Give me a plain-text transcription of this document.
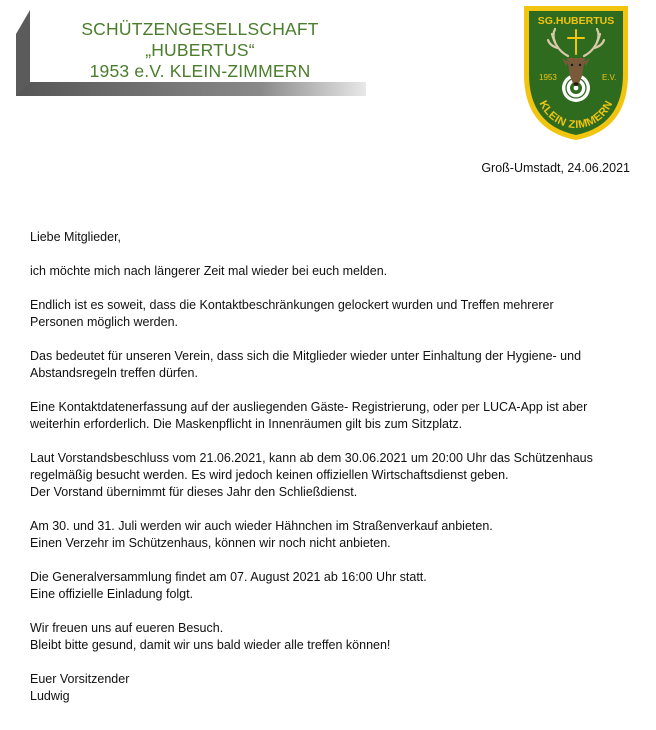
SCHÜTZENGESELLSCHAFT
„HUBERTUS“
1953 e.V. KLEIN-ZIMMERN
SG.HUBERTUS
1953	E.V.
KLEIN ZIMMERN
Groß-Umstadt, 24.06.2021

Liebe Mitglieder,

ich möchte mich nach längerer Zeit mal wieder bei euch melden.

Endlich ist es soweit, dass die Kontaktbeschränkungen gelockert wurden und Treffen mehrerer

Personen möglich werden.

Das bedeutet für unseren Verein, dass sich die Mitglieder wieder unter Einhaltung der Hygiene- und

Abstandsregeln treffen dürfen.

Eine Kontaktdatenerfassung auf der ausliegenden Gäste- Registrierung, oder per LUCA-App ist aber

weiterhin erforderlich. Die Maskenpflicht in Innenräumen gilt bis zum Sitzplatz.

Laut Vorstandsbeschluss vom 21.06.2021, kann ab dem 30.06.2021 um 20:00 Uhr das Schützenhaus

regelmäßig besucht werden. Es wird jedoch keinen offiziellen Wirtschaftsdienst geben.

Der Vorstand übernimmt für dieses Jahr den Schließdienst.

Am 30. und 31. Juli werden wir auch wieder Hähnchen im Straßenverkauf anbieten.

Einen Verzehr im Schützenhaus, können wir noch nicht anbieten.

Die Generalversammlung findet am 07. August 2021 ab 16:00 Uhr statt.

Eine offizielle Einladung folgt.

Wir freuen uns auf eueren Besuch.

Bleibt bitte gesund, damit wir uns bald wieder alle treffen können!

Euer Vorsitzender

Ludwig
